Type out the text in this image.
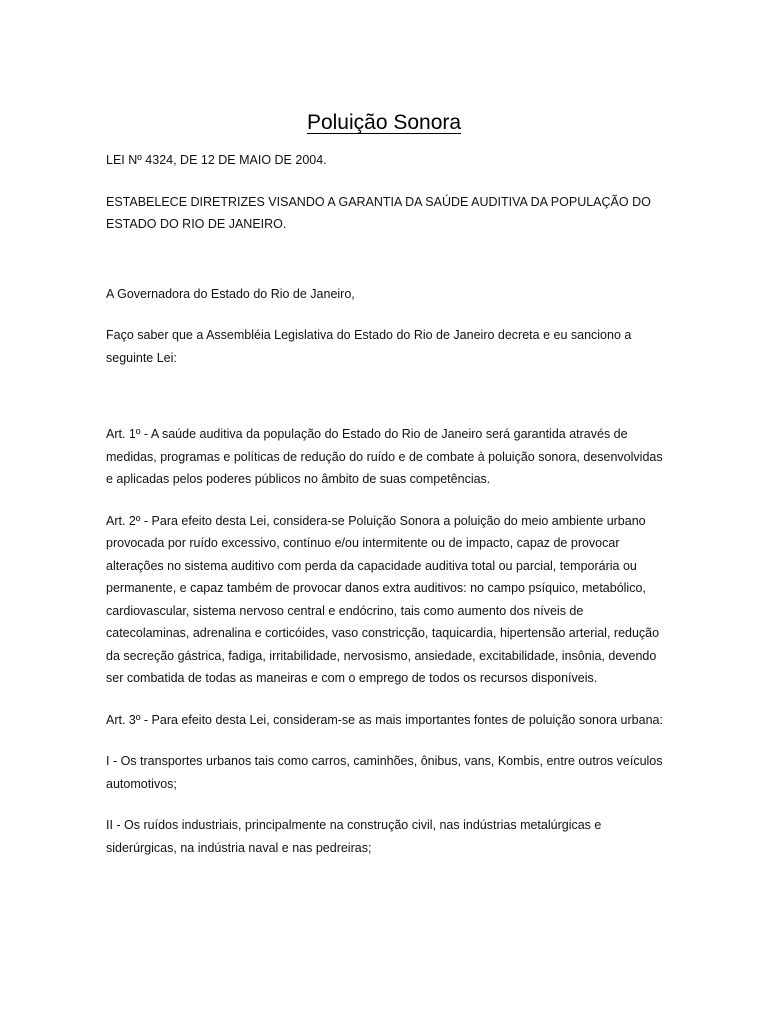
Poluição Sonora

LEI Nº 4324, DE 12 DE MAIO DE 2004.

ESTABELECE DIRETRIZES VISANDO A GARANTIA DA SAÚDE AUDITIVA DA POPULAÇÃO DO ESTADO DO RIO DE JANEIRO.

A Governadora do Estado do Rio de Janeiro,

Faço saber que a Assembléia Legislativa do Estado do Rio de Janeiro decreta e eu sanciono a seguinte Lei:

Art. 1º - A saúde auditiva da população do Estado do Rio de Janeiro será garantida através de medidas, programas e políticas de redução do ruído e de combate à poluição sonora, desenvolvidas e aplicadas pelos poderes públicos no âmbito de suas competências.

Art. 2º - Para efeito desta Lei, considera-se Poluição Sonora a poluição do meio ambiente urbano provocada por ruído excessivo, contínuo e/ou intermitente ou de impacto, capaz de provocar alterações no sistema auditivo com perda da capacidade auditiva total ou parcial, temporária ou permanente, e capaz também de provocar danos extra auditivos: no campo psíquico, metabólico, cardiovascular, sistema nervoso central e endócrino, tais como aumento dos níveis de catecolaminas, adrenalina e corticóides, vaso constricção, taquicardia, hipertensão arterial, redução da secreção gástrica, fadiga, irritabilidade, nervosismo, ansiedade, excitabilidade, insônia, devendo ser combatida de todas as maneiras e com o emprego de todos os recursos disponíveis.

Art. 3º - Para efeito desta Lei, consideram-se as mais importantes fontes de poluição sonora urbana:

I - Os transportes urbanos tais como carros, caminhões, ônibus, vans, Kombis, entre outros veículos automotivos;

II - Os ruídos industriais, principalmente na construção civil, nas indústrias metalúrgicas e siderúrgicas, na indústria naval e nas pedreiras;
